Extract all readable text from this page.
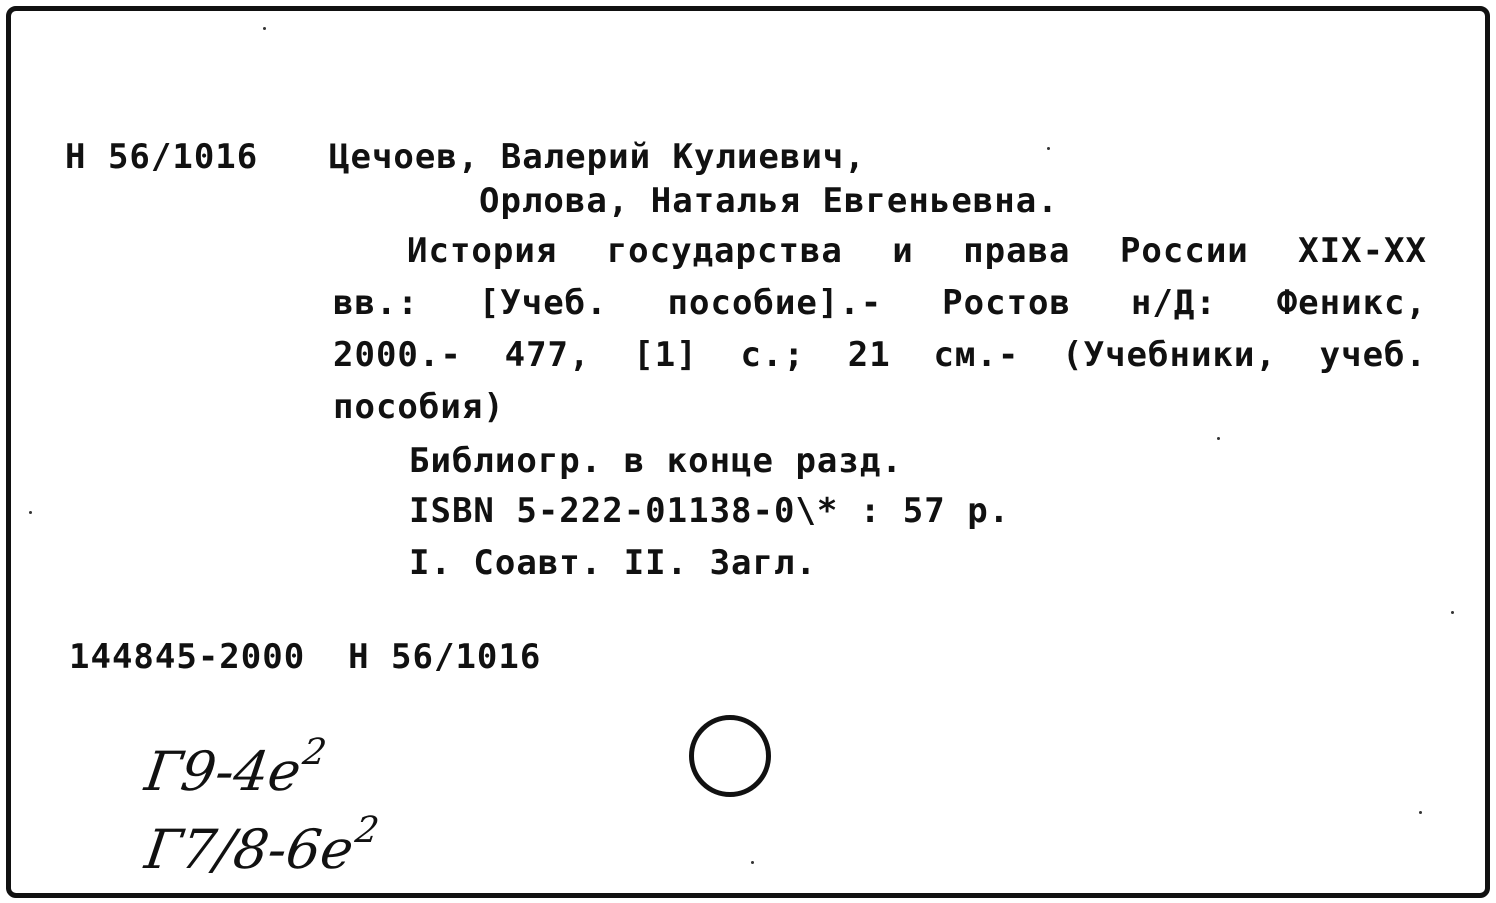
Н 56/1016 Цечоев, Валерий Кулиевич,
Орлова, Наталья Евгеньевна.
История государства и права России XIX-XX
вв.: [Учеб. пособие].- Ростов н/Д: Феникс,
2000.- 477, [1] с.; 21 см.- (Учебники, учеб.
пособия)
Библиогр. в конце разд.
ISBN 5-222-01138-0\* : 57 р.
I. Соавт. II. Загл.
144845-2000  Н 56/1016
$Г9-4е^2$
$Г7/8-6е^2$
